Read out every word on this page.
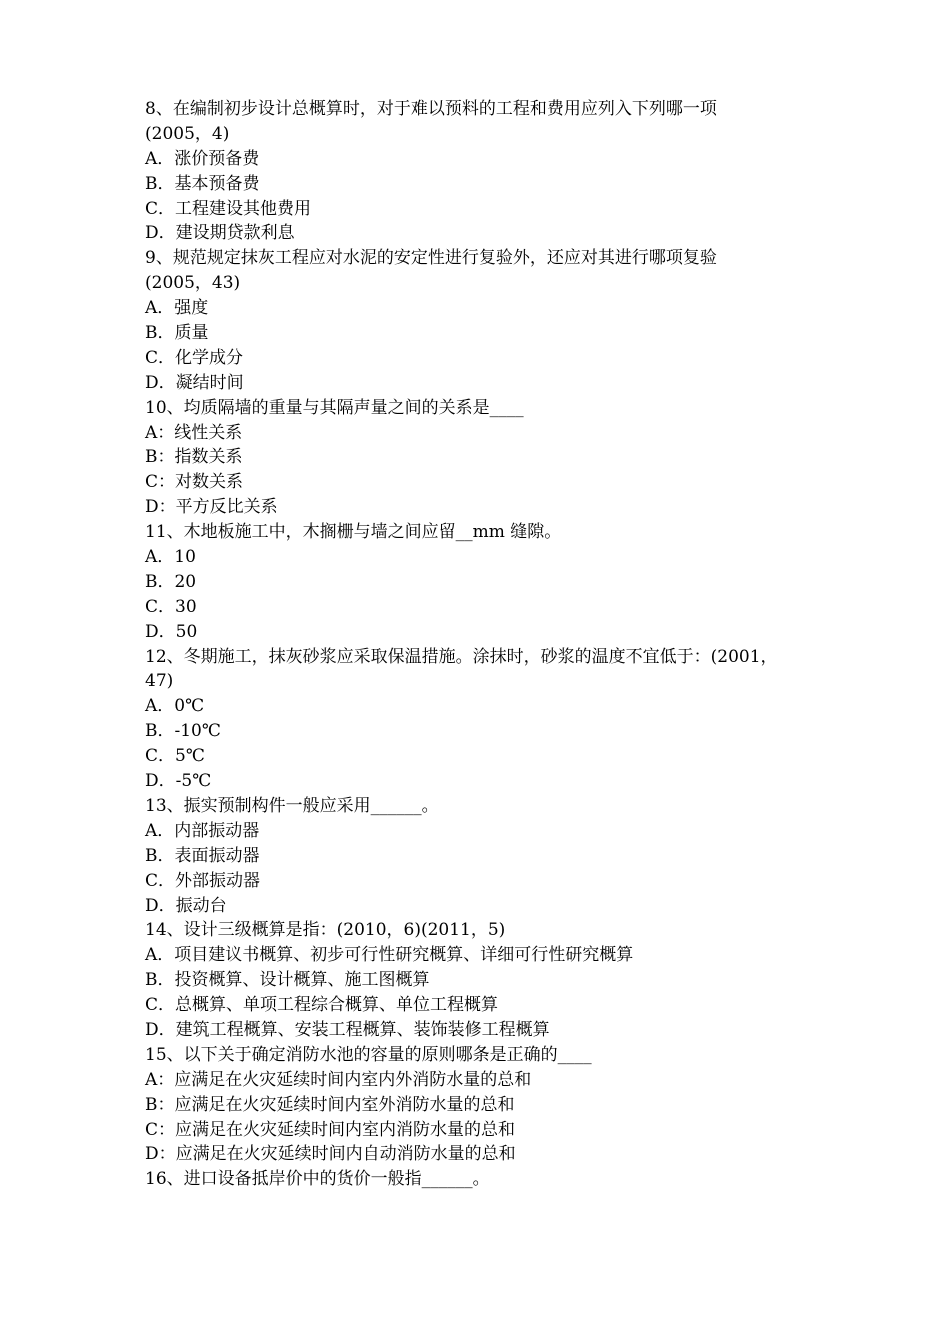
8、在编制初步设计总概算时，对于难以预料的工程和费用应列入下列哪一项
(2005，4)
A．涨价预备费
B．基本预备费
C．工程建设其他费用
D．建设期贷款利息
9、规范规定抹灰工程应对水泥的安定性进行复验外，还应对其进行哪项复验
(2005，43)
A．强度
B．质量
C．化学成分
D．凝结时间
10、均质隔墙的重量与其隔声量之间的关系是____
A：线性关系
B：指数关系
C：对数关系
D：平方反比关系
11、木地板施工中，木搁栅与墙之间应留__mm 缝隙。
A．10
B．20
C．30
D．50
12、冬期施工，抹灰砂浆应采取保温措施。涂抹时，砂浆的温度不宜低于：(2001，
47)
A．0℃
B．-10℃
C．5℃
D．-5℃
13、振实预制构件一般应采用______。
A．内部振动器
B．表面振动器
C．外部振动器
D．振动台
14、设计三级概算是指：(2010，6)(2011，5)
A．项目建议书概算、初步可行性研究概算、详细可行性研究概算
B．投资概算、设计概算、施工图概算
C．总概算、单项工程综合概算、单位工程概算
D．建筑工程概算、安装工程概算、装饰装修工程概算
15、以下关于确定消防水池的容量的原则哪条是正确的____
A：应满足在火灾延续时间内室内外消防水量的总和
B：应满足在火灾延续时间内室外消防水量的总和
C：应满足在火灾延续时间内室内消防水量的总和
D：应满足在火灾延续时间内自动消防水量的总和
16、进口设备抵岸价中的货价一般指______。
